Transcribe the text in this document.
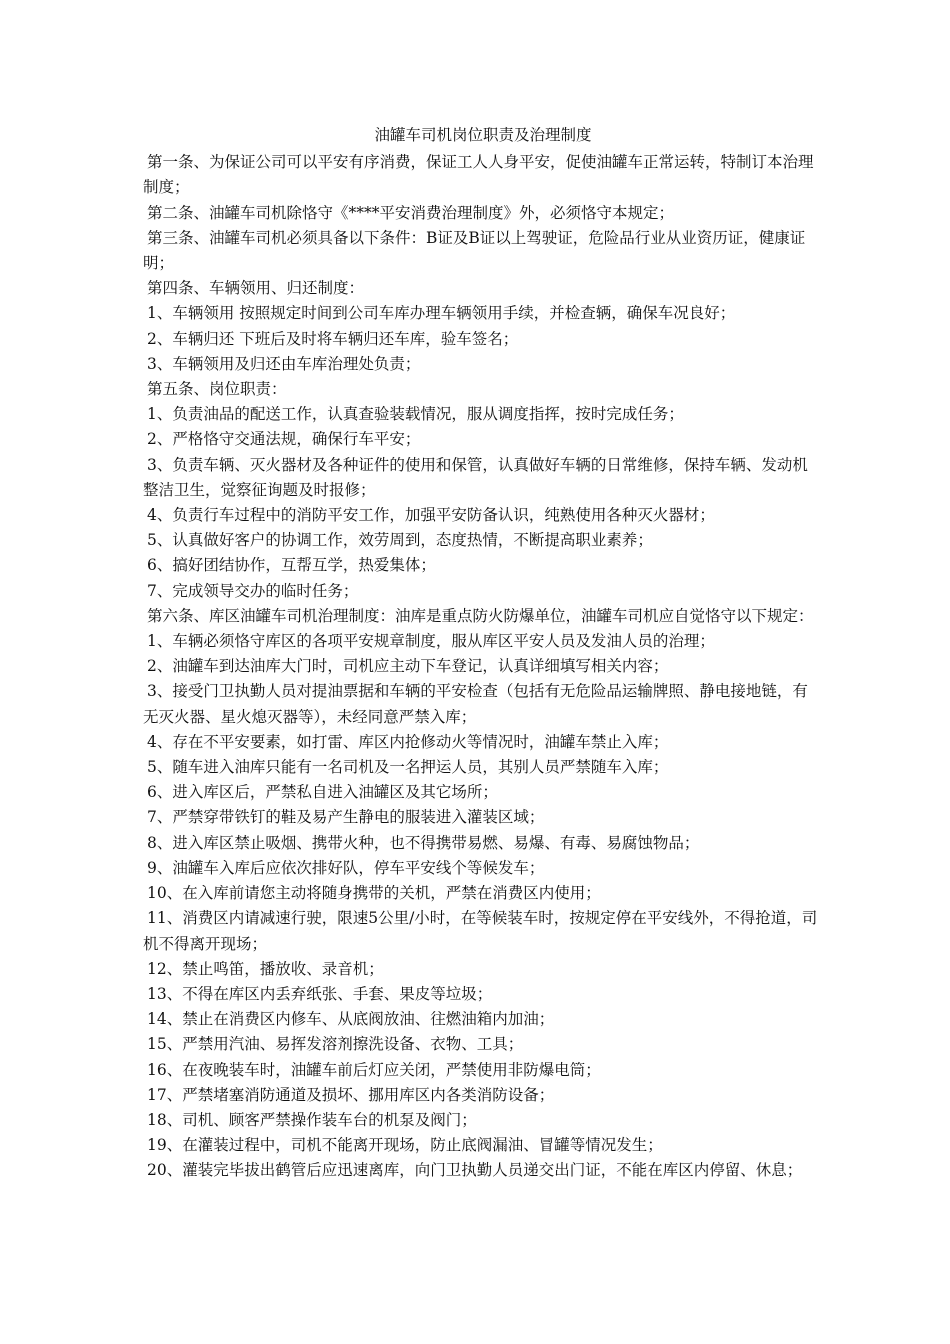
油罐车司机岗位职责及治理制度

第一条、为保证公司可以平安有序消费，保证工人人身平安，促使油罐车正常运转，特制订本治理制度；

第二条、油罐车司机除恪守《****平安消费治理制度》外，必须恪守本规定；

第三条、油罐车司机必须具备以下条件：B证及B证以上驾驶证，危险品行业从业资历证，健康证明；

第四条、车辆领用、归还制度：

1、车辆领用 按照规定时间到公司车库办理车辆领用手续，并检查辆，确保车况良好；

2、车辆归还 下班后及时将车辆归还车库，验车签名；

3、车辆领用及归还由车库治理处负责；

第五条、岗位职责：

1、负责油品的配送工作，认真查验装载情况，服从调度指挥，按时完成任务；

2、严格恪守交通法规，确保行车平安；

3、负责车辆、灭火器材及各种证件的使用和保管，认真做好车辆的日常维修，保持车辆、发动机整洁卫生，觉察征询题及时报修；

4、负责行车过程中的消防平安工作，加强平安防备认识，纯熟使用各种灭火器材；

5、认真做好客户的协调工作，效劳周到，态度热情，不断提高职业素养；

6、搞好团结协作，互帮互学，热爱集体；

7、完成领导交办的临时任务；

第六条、库区油罐车司机治理制度：油库是重点防火防爆单位，油罐车司机应自觉恪守以下规定：

1、车辆必须恪守库区的各项平安规章制度，服从库区平安人员及发油人员的治理；

2、油罐车到达油库大门时，司机应主动下车登记，认真详细填写相关内容；

3、接受门卫执勤人员对提油票据和车辆的平安检查（包括有无危险品运输牌照、静电接地链，有无灭火器、星火熄灭器等），未经同意严禁入库；

4、存在不平安要素，如打雷、库区内抢修动火等情况时，油罐车禁止入库；

5、随车进入油库只能有一名司机及一名押运人员，其别人员严禁随车入库；

6、进入库区后，严禁私自进入油罐区及其它场所；

7、严禁穿带铁钉的鞋及易产生静电的服装进入灌装区域；

8、进入库区禁止吸烟、携带火种，也不得携带易燃、易爆、有毒、易腐蚀物品；

9、油罐车入库后应依次排好队，停车平安线个等候发车；

10、在入库前请您主动将随身携带的关机，严禁在消费区内使用；

11、消费区内请减速行驶，限速5公里/小时，在等候装车时，按规定停在平安线外，不得抢道，司机不得离开现场；

12、禁止鸣笛，播放收、录音机；

13、不得在库区内丢弃纸张、手套、果皮等垃圾；

14、禁止在消费区内修车、从底阀放油、往燃油箱内加油；

15、严禁用汽油、易挥发溶剂擦洗设备、衣物、工具；

16、在夜晚装车时，油罐车前后灯应关闭，严禁使用非防爆电筒；

17、严禁堵塞消防通道及损坏、挪用库区内各类消防设备；

18、司机、顾客严禁操作装车台的机泵及阀门；

19、在灌装过程中，司机不能离开现场，防止底阀漏油、冒罐等情况发生；

20、灌装完毕拔出鹤管后应迅速离库，向门卫执勤人员递交出门证，不能在库区内停留、休息；
